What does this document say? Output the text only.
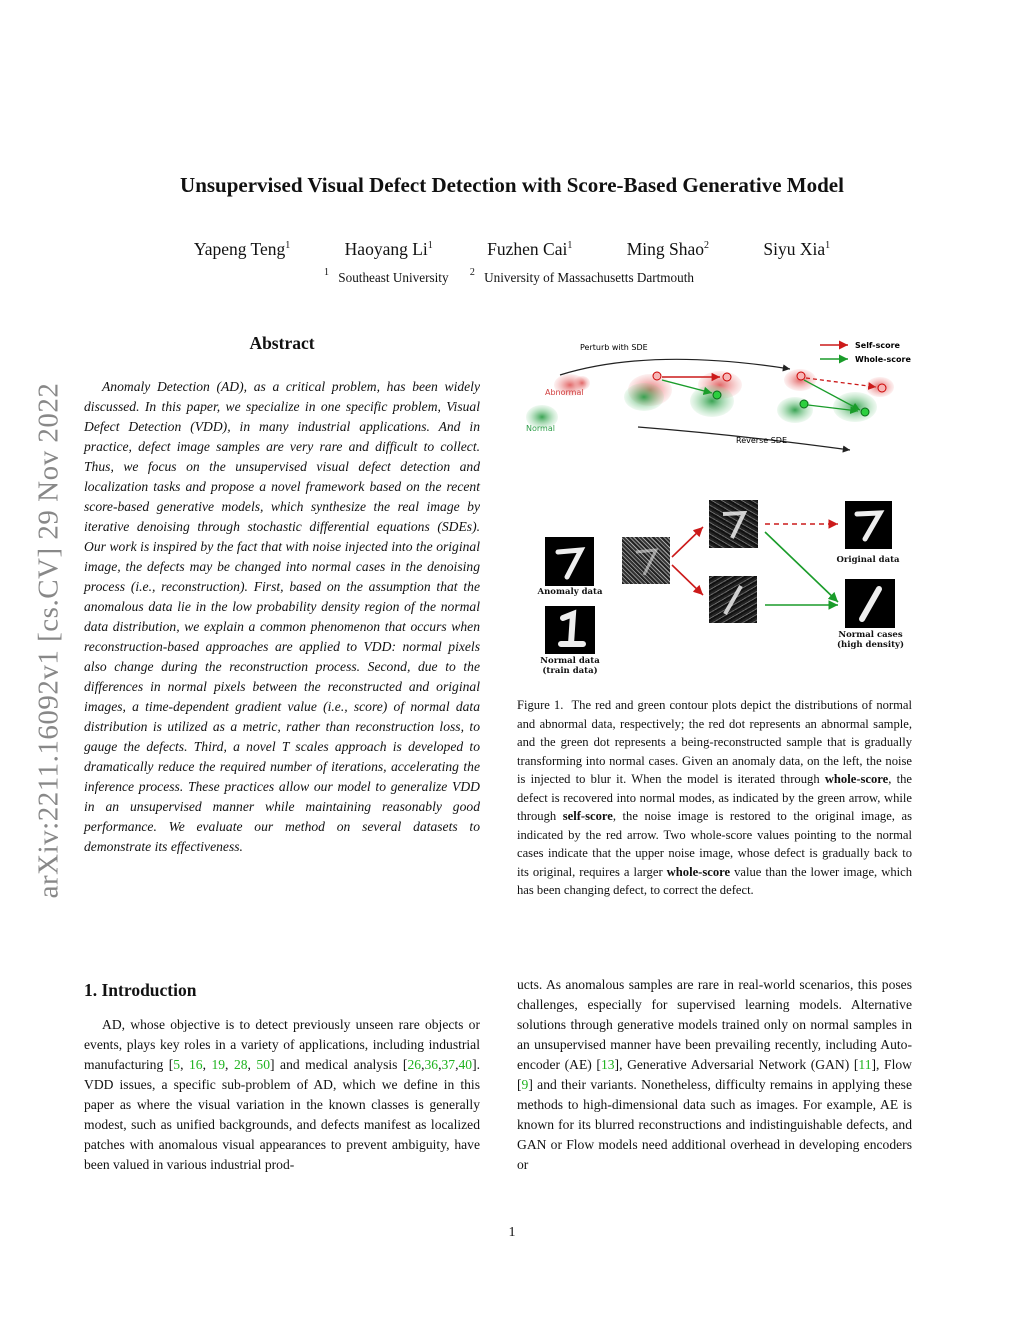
arXiv:2211.16092v1 [cs.CV] 29 Nov 2022
Unsupervised Visual Defect Detection with Score-Based Generative Model
Yapeng Teng$^1$	Haoyang Li$^1$	Fuzhen Cai$^1$	Ming Shao$^2$	Siyu Xia$^1$
$^1$ Southeast University $^2$ University of Massachusetts Dartmouth
Abstract
Anomaly Detection (AD), as a critical problem, has been widely discussed. In this paper, we specialize in one specific problem, Visual Defect Detection (VDD), in many industrial applications. And in practice, defect image samples are very rare and difficult to collect. Thus, we focus on the unsupervised visual defect detection and localization tasks and propose a novel framework based on the recent score-based generative models, which synthesize the real image by iterative denoising through stochastic differential equations (SDEs). Our work is inspired by the fact that with noise injected into the original image, the defects may be changed into normal cases in the denoising process (i.e., reconstruction). First, based on the assumption that the anomalous data lie in the low probability density region of the normal data distribution, we explain a common phenomenon that occurs when reconstruction-based approaches are applied to VDD: normal pixels also change during the reconstruction process. Second, due to the differences in normal pixels between the reconstructed and original images, a time-dependent gradient value (i.e., score) of normal data distribution is utilized as a metric, rather than reconstruction loss, to gauge the defects. Third, a novel T scales approach is developed to dramatically reduce the required number of iterations, accelerating the inference process. These practices allow our model to generalize VDD in an unsupervised manner while maintaining reasonably good performance. We evaluate our method on several datasets to demonstrate its effectiveness.
Perturb with SDE
Reverse SDE
Abnormal
Normal
Self-score
Whole-score
Anomaly data
Normal data
(train data)
Original data
Normal cases
(high density)
Figure 1. The red and green contour plots depict the distributions of normal and abnormal data, respectively; the red dot represents an abnormal sample, and the green dot represents a being-reconstructed sample that is gradually transforming into normal cases. Given an anomaly data, on the left, the noise is injected to blur it. When the model is iterated through whole-score, the defect is recovered into normal modes, as indicated by the green arrow, while through self-score, the noise image is restored to the original image, as indicated by the red arrow. Two whole-score values pointing to the normal cases indicate that the upper noise image, whose defect is gradually back to its original, requires a larger whole-score value than the lower image, which has been changing defect, to correct the defect.
1. Introduction
AD, whose objective is to detect previously unseen rare objects or events, plays key roles in a variety of applications, including industrial manufacturing [5, 16, 19, 28, 50] and medical analysis [26,36,37,40]. VDD issues, a specific sub-problem of AD, which we define in this paper as where the visual variation in the known classes is generally modest, such as unified backgrounds, and defects manifest as localized patches with anomalous visual appearances to prevent ambiguity, have been valued in various industrial prod-
ucts. As anomalous samples are rare in real-world scenarios, this poses challenges, especially for supervised learning models. Alternative solutions through generative models trained only on normal samples in an unsupervised manner have been prevailing recently, including Auto-encoder (AE) [13], Generative Adversarial Network (GAN) [11], Flow [9] and their variants. Nonetheless, difficulty remains in applying these methods to high-dimensional data such as images. For example, AE is known for its blurred reconstructions and indistinguishable defects, and GAN or Flow models need additional overhead in developing encoders or
1
